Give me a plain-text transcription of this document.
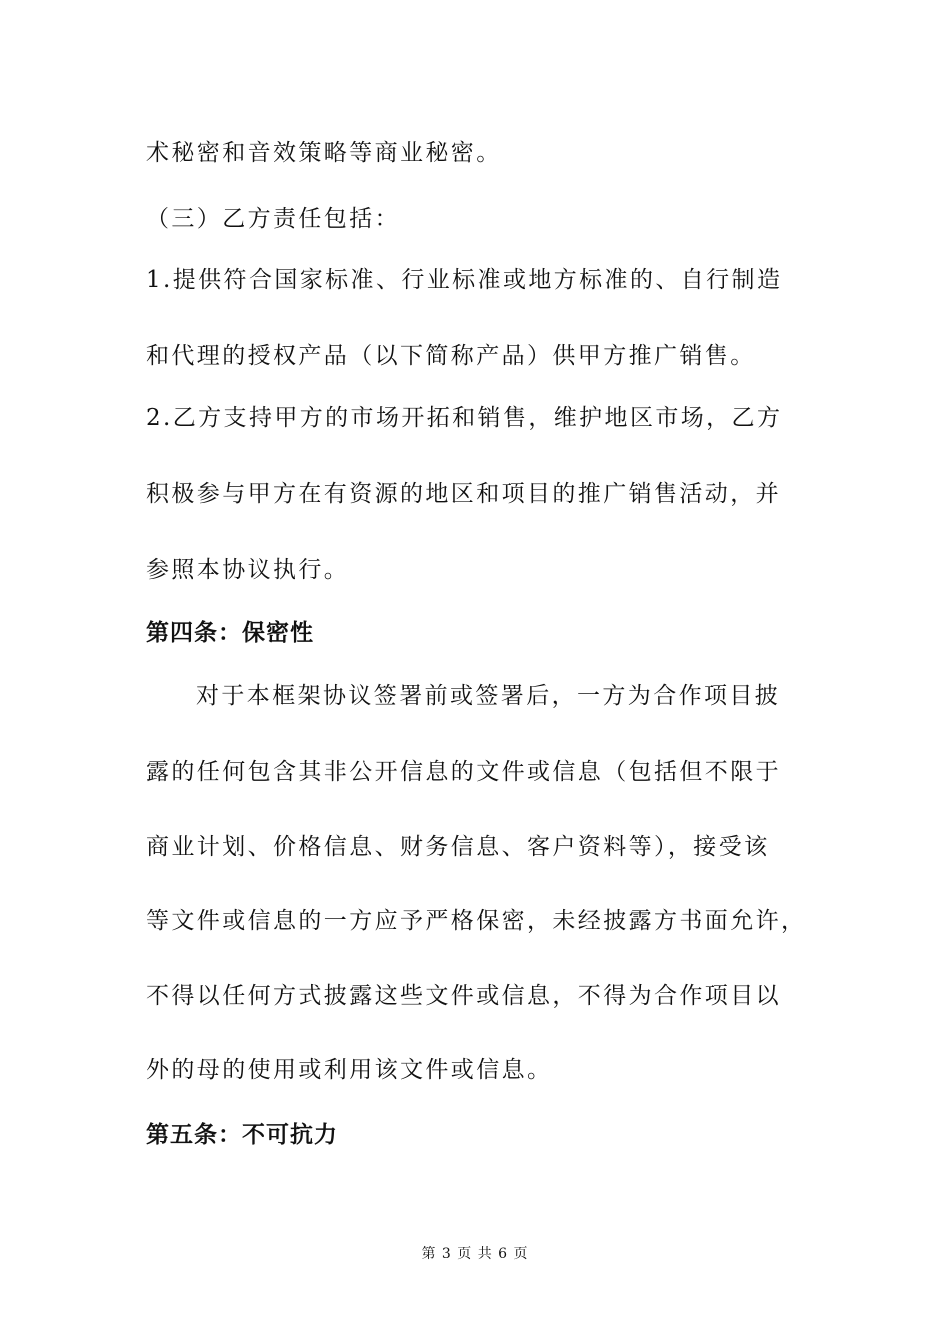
术秘密和音效策略等商业秘密。
（三）乙方责任包括：
1.提供符合国家标准、行业标准或地方标准的、自行制造
和代理的授权产品（以下简称产品）供甲方推广销售。
2.乙方支持甲方的市场开拓和销售，维护地区市场，乙方
积极参与甲方在有资源的地区和项目的推广销售活动，并
参照本协议执行。
第四条：保密性
对于本框架协议签署前或签署后，一方为合作项目披
露的任何包含其非公开信息的文件或信息（包括但不限于
商业计划、价格信息、财务信息、客户资料等），接受该
等文件或信息的一方应予严格保密，未经披露方书面允许，
不得以任何方式披露这些文件或信息，不得为合作项目以
外的母的使用或利用该文件或信息。
第五条：不可抗力
第 3 页 共 6 页
